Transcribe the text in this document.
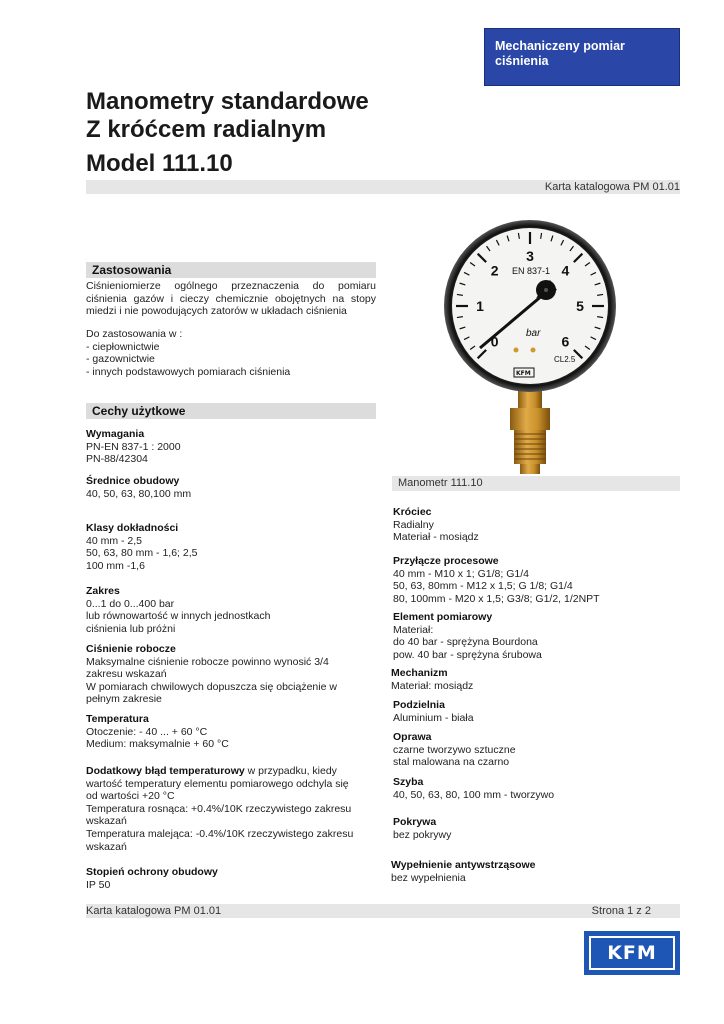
Mechaniczeny pomiar
ciśnienia
Manometry standardowe
Z króćcem radialnym
Model 111.10
Karta katalogowa PM 01.01
0
1
2
3
4
5
6
EN 837-1
bar
CL2.5
KFM
Manometr 111.10
Zastosowania
Ciśnieniomierze ogólnego przeznaczenia do pomiaru ciśnienia gazów i cieczy chemicznie obojętnych na stopy miedzi i nie powodujących zatorów w układach ciśnienia
Do zastosowania w :
- ciepłownictwie
- gazownictwie
- innych podstawowych pomiarach ciśnienia
Cechy użytkowe
Wymagania
PN-EN 837-1 : 2000
PN-88/42304
Średnice obudowy
40, 50, 63, 80,100 mm
Klasy dokładności
40 mm - 2,5
50, 63, 80 mm - 1,6; 2,5
100 mm -1,6
Zakres
0...1 do 0...400 bar
lub równowartość w innych jednostkach
ciśnienia lub próżni
Ciśnienie robocze
Maksymalne ciśnienie robocze powinno wynosić 3/4
zakresu wskazań
W pomiarach chwilowych dopuszcza się obciążenie w
pełnym zakresie
Temperatura
Otoczenie: - 40 ... + 60 °C
Medium: maksymalnie + 60 °C
Dodatkowy błąd temperaturowy w przypadku, kiedy
wartość temperatury elementu pomiarowego odchyla się
od wartości +20 °C
Temperatura rosnąca: +0.4%/10K rzeczywistego zakresu
wskazań
Temperatura malejąca: -0.4%/10K rzeczywistego zakresu
wskazań
Stopień ochrony obudowy
IP 50
Króciec
Radialny
Materiał - mosiądz
Przyłącze procesowe
40 mm - M10 x 1; G1/8; G1/4
50, 63, 80mm - M12 x 1,5; G 1/8; G1/4
80, 100mm - M20 x 1,5; G3/8; G1/2, 1/2NPT
Element pomiarowy
Materiał:
do 40 bar - sprężyna Bourdona
pow. 40 bar - sprężyna śrubowa
Mechanizm
Materiał: mosiądz
Podzielnia
Aluminium - biała
Oprawa
czarne tworzywo sztuczne
stal malowana na czarno
Szyba
40, 50, 63, 80, 100 mm - tworzywo
Pokrywa
bez pokrywy
Wypełnienie antywstrząsowe
bez wypełnienia
Karta katalogowa PM 01.01	Strona 1 z 2
KFM
